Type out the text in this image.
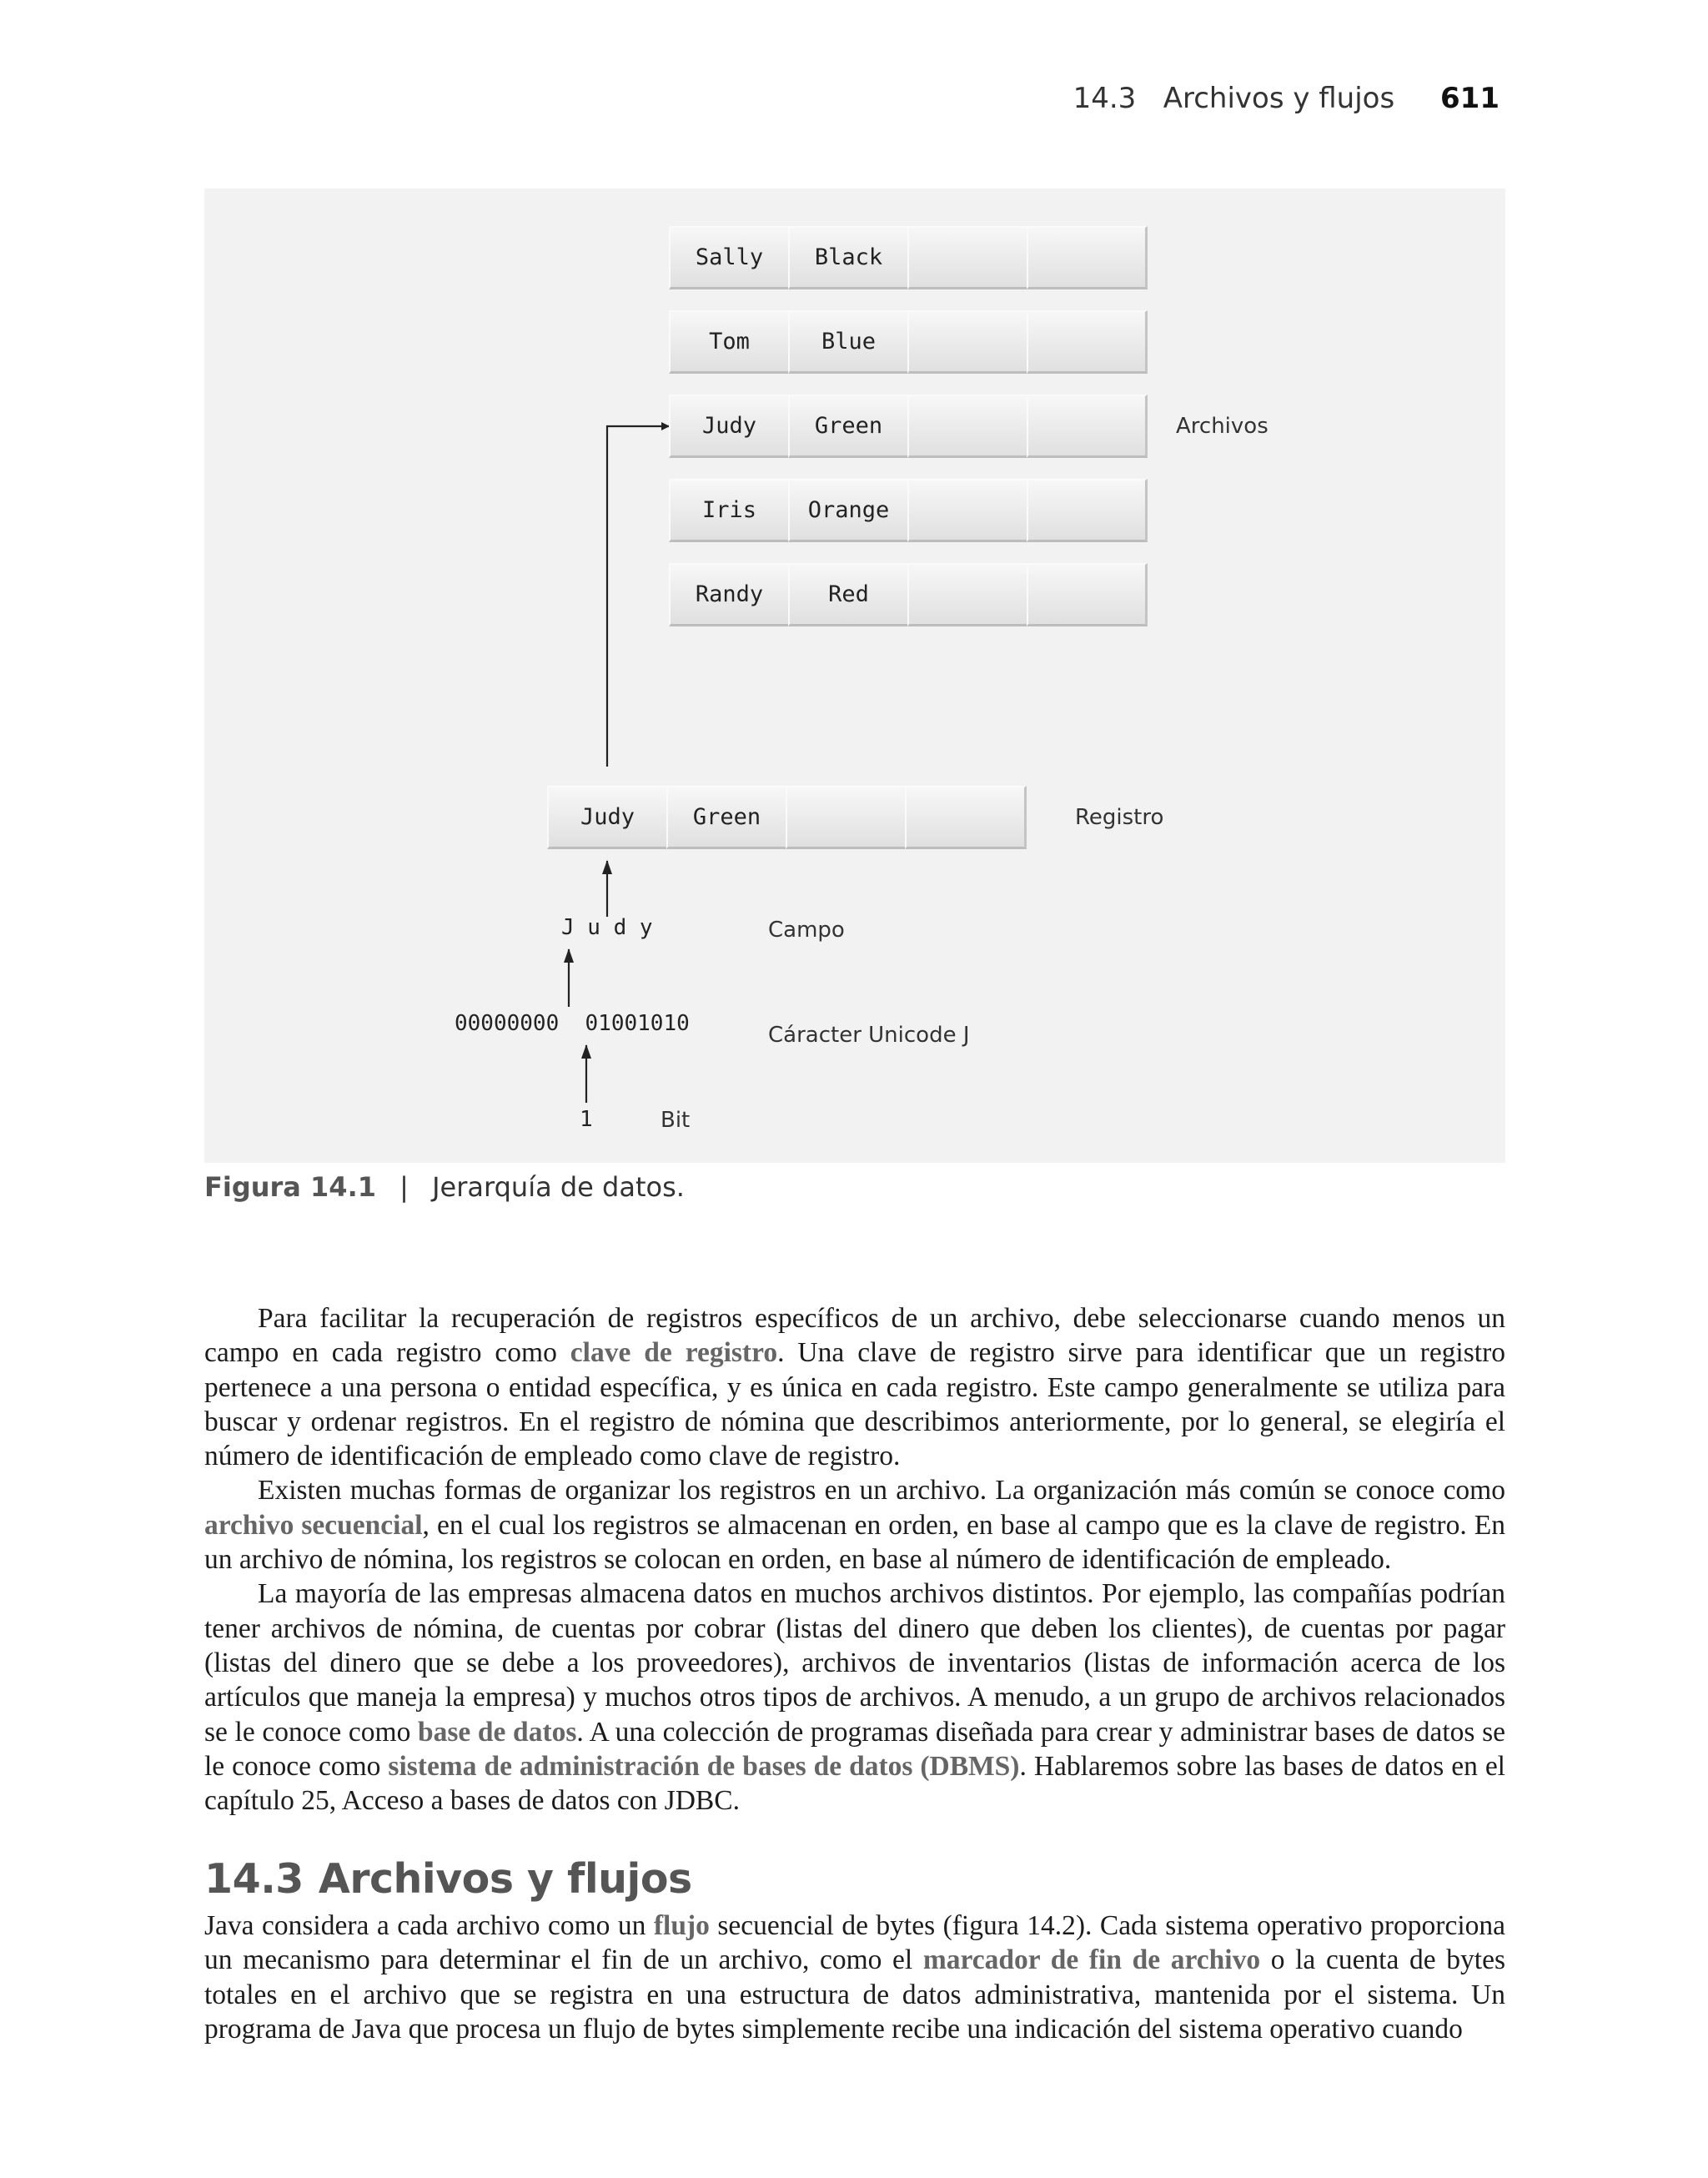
14.3 Archivos y flujos 611
Sally	Black
Tom	Blue
Judy	Green
Iris	Orange
Randy	Red
Archivos
Judy	Green	Registro
J u d y	Campo
00000000  01001010	Cáracter Unicode J
1	Bit
Figura 14.1 | Jerarquía de datos.

Para facilitar la recuperación de registros específicos de un archivo, debe seleccionarse cuando menos un campo en cada registro como clave de registro. Una clave de registro sirve para identificar que un registro pertenece a una persona o entidad específica, y es única en cada registro. Este campo generalmente se utiliza para buscar y ordenar registros. En el registro de nómina que describimos anteriormente, por lo general, se elegiría el número de identificación de empleado como clave de registro.

Existen muchas formas de organizar los registros en un archivo. La organización más común se conoce como archivo secuencial, en el cual los registros se almacenan en orden, en base al campo que es la clave de registro. En un archivo de nómina, los registros se colocan en orden, en base al número de identificación de empleado.

La mayoría de las empresas almacena datos en muchos archivos distintos. Por ejemplo, las compañías podrían tener archivos de nómina, de cuentas por cobrar (listas del dinero que deben los clientes), de cuentas por pagar (listas del dinero que se debe a los proveedores), archivos de inventarios (listas de información acerca de los artículos que maneja la empresa) y muchos otros tipos de archivos. A menudo, a un grupo de archivos relacionados se le conoce como base de datos. A una colección de programas diseñada para crear y administrar bases de datos se le conoce como sistema de administración de bases de datos (DBMS). Hablaremos sobre las bases de datos en el capítulo 25, Acceso a bases de datos con JDBC.

14.3 Archivos y flujos

Java considera a cada archivo como un flujo secuencial de bytes (figura 14.2). Cada sistema operativo proporciona un mecanismo para determinar el fin de un archivo, como el marcador de fin de archivo o la cuenta de bytes totales en el archivo que se registra en una estructura de datos administrativa, mantenida por el sistema. Un programa de Java que procesa un flujo de bytes simplemente recibe una indicación del sistema operativo cuando
